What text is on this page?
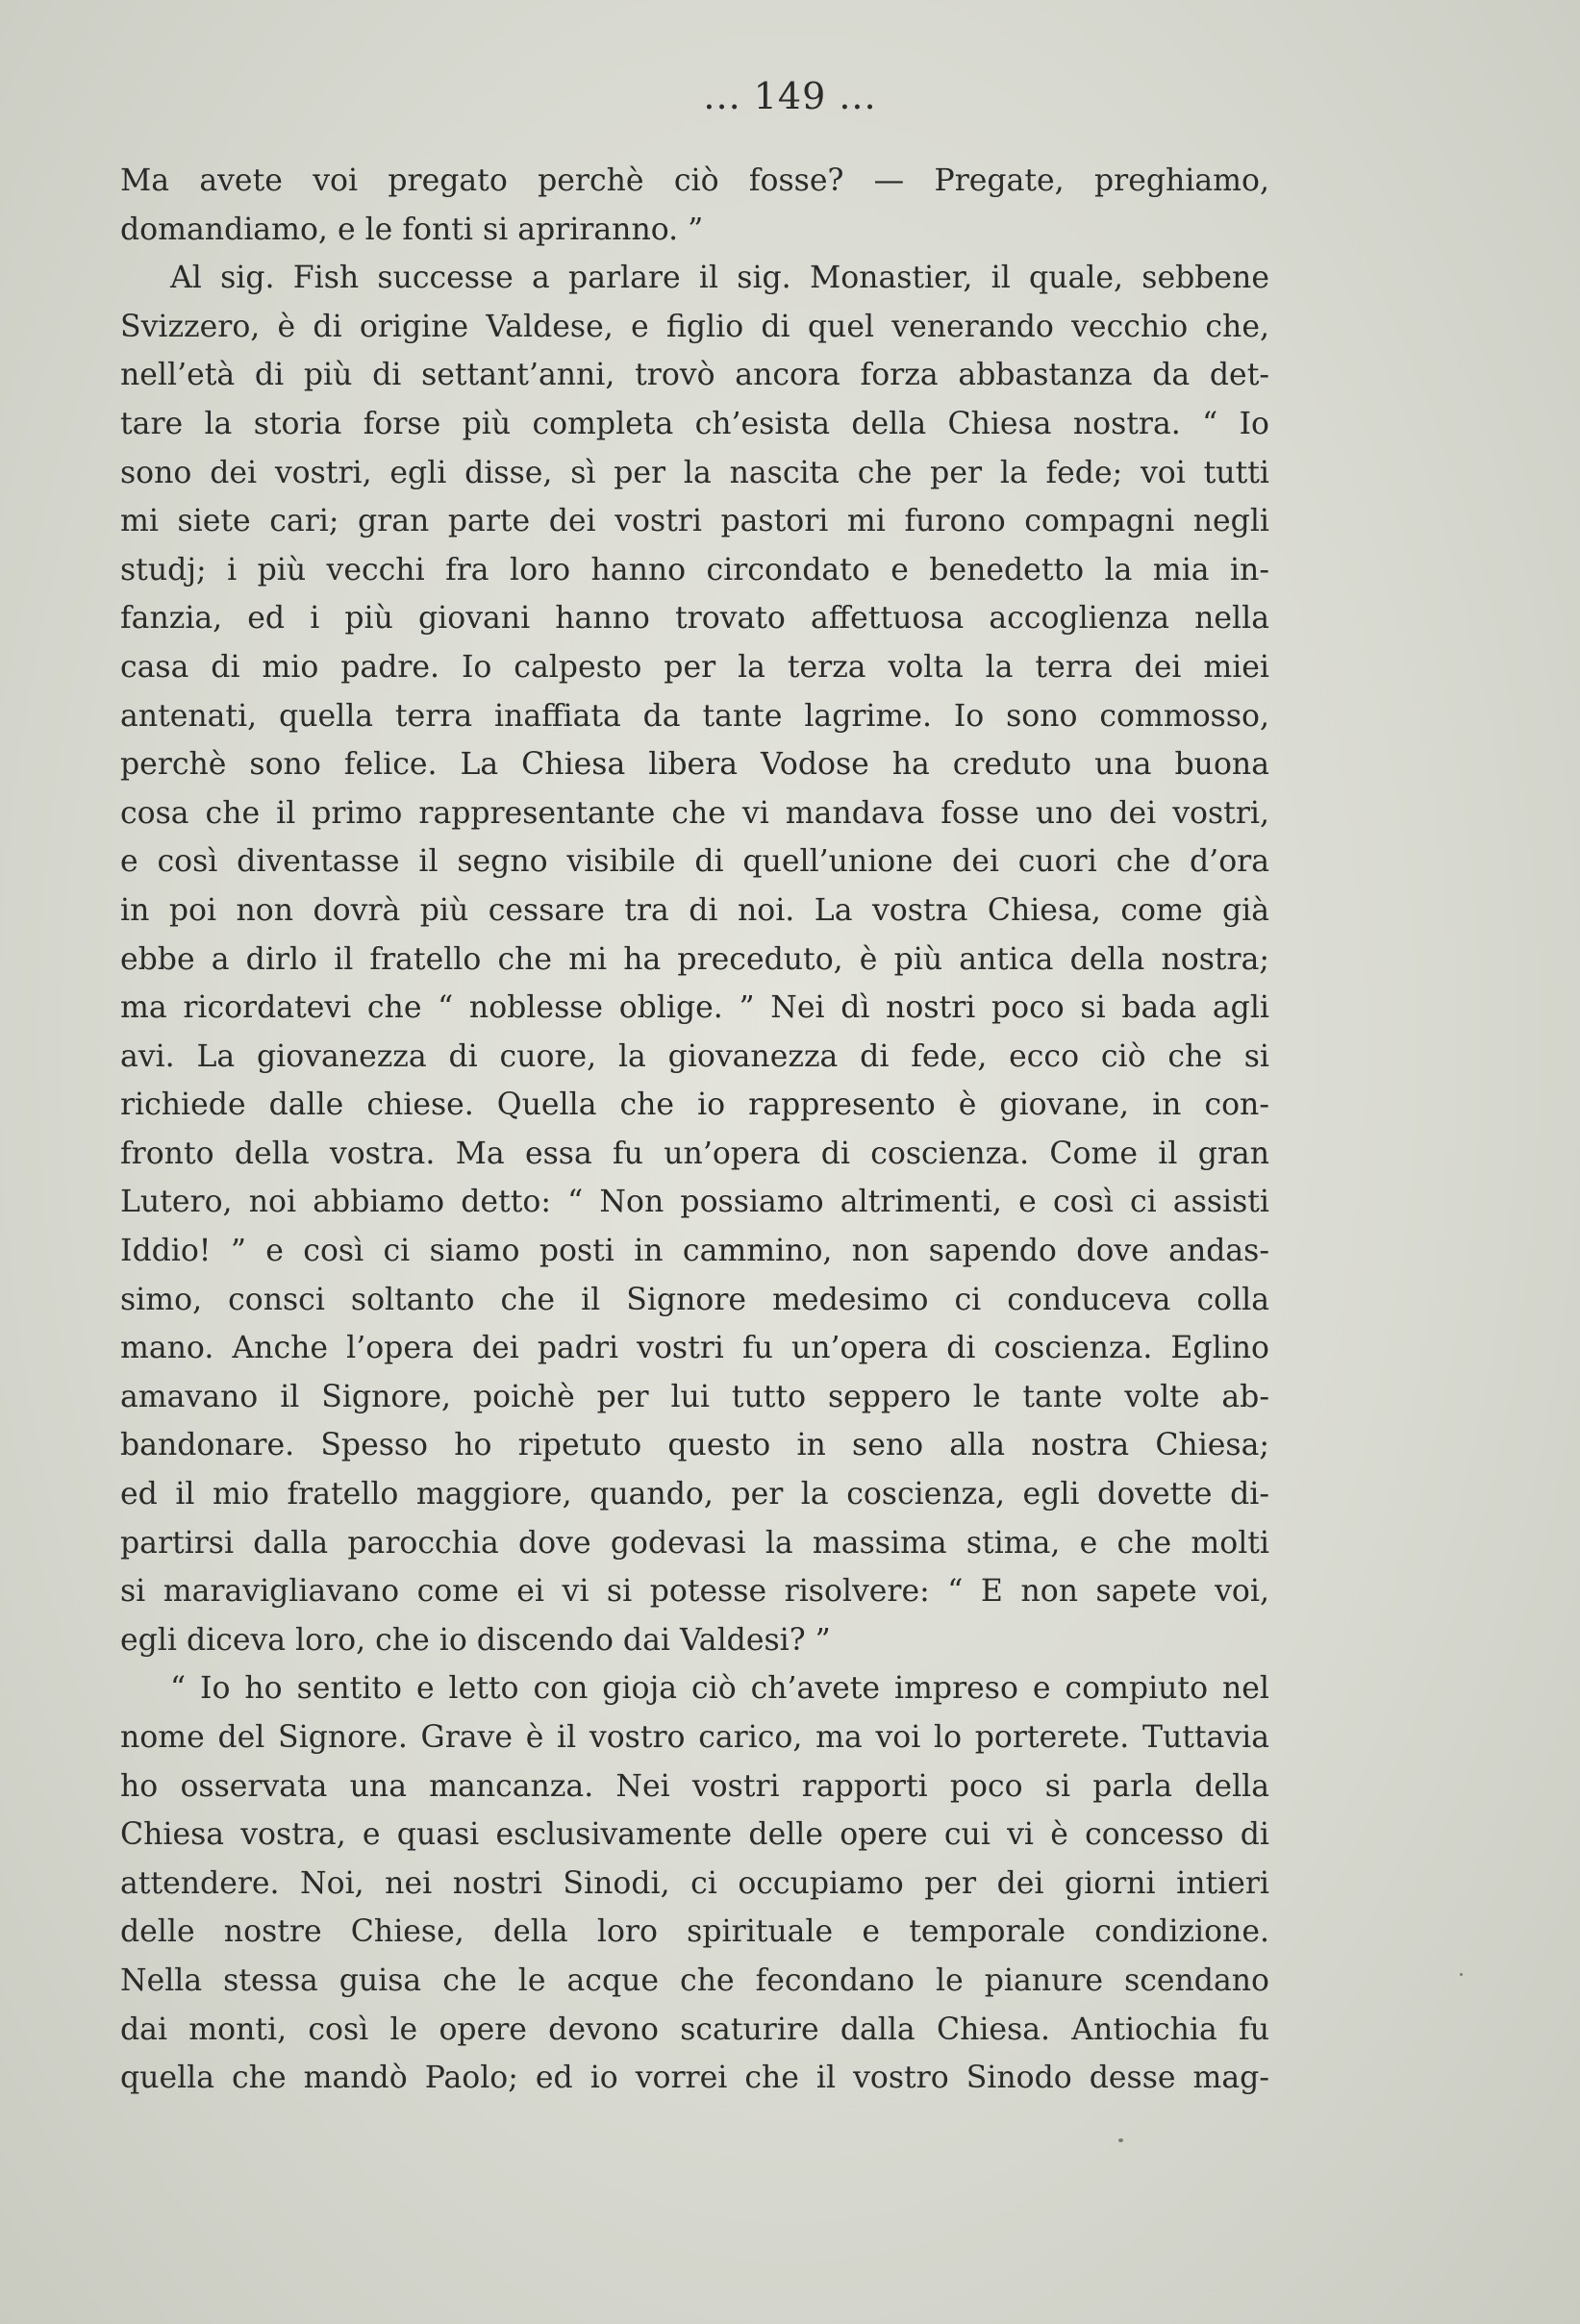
... 149 ...
Ma avete voi pregato perchè ciò fosse? — Pregate, preghiamo,
domandiamo, e le fonti si apriranno. ”
Al sig. Fish successe a parlare il sig. Monastier, il quale, sebbene
Svizzero, è di origine Valdese, e figlio di quel venerando vecchio che,
nell’età di più di settant’anni, trovò ancora forza abbastanza da det-
tare la storia forse più completa ch’esista della Chiesa nostra. “ Io
sono dei vostri, egli disse, sì per la nascita che per la fede; voi tutti
mi siete cari; gran parte dei vostri pastori mi furono compagni negli
studj; i più vecchi fra loro hanno circondato e benedetto la mia in-
fanzia, ed i più giovani hanno trovato affettuosa accoglienza nella
casa di mio padre. Io calpesto per la terza volta la terra dei miei
antenati, quella terra inaffiata da tante lagrime. Io sono commosso,
perchè sono felice. La Chiesa libera Vodose ha creduto una buona
cosa che il primo rappresentante che vi mandava fosse uno dei vostri,
e così diventasse il segno visibile di quell’unione dei cuori che d’ora
in poi non dovrà più cessare tra di noi. La vostra Chiesa, come già
ebbe a dirlo il fratello che mi ha preceduto, è più antica della nostra;
ma ricordatevi che “ noblesse oblige. ” Nei dì nostri poco si bada agli
avi. La giovanezza di cuore, la giovanezza di fede, ecco ciò che si
richiede dalle chiese. Quella che io rappresento è giovane, in con-
fronto della vostra. Ma essa fu un’opera di coscienza. Come il gran
Lutero, noi abbiamo detto: “ Non possiamo altrimenti, e così ci assisti
Iddio! ” e così ci siamo posti in cammino, non sapendo dove andas-
simo, consci soltanto che il Signore medesimo ci conduceva colla
mano. Anche l’opera dei padri vostri fu un’opera di coscienza. Eglino
amavano il Signore, poichè per lui tutto seppero le tante volte ab-
bandonare. Spesso ho ripetuto questo in seno alla nostra Chiesa;
ed il mio fratello maggiore, quando, per la coscienza, egli dovette di-
partirsi dalla parocchia dove godevasi la massima stima, e che molti
si maravigliavano come ei vi si potesse risolvere: “ E non sapete voi,
egli diceva loro, che io discendo dai Valdesi? ”
“ Io ho sentito e letto con gioja ciò ch’avete impreso e compiuto nel
nome del Signore. Grave è il vostro carico, ma voi lo porterete. Tuttavia
ho osservata una mancanza. Nei vostri rapporti poco si parla della
Chiesa vostra, e quasi esclusivamente delle opere cui vi è concesso di
attendere. Noi, nei nostri Sinodi, ci occupiamo per dei giorni intieri
delle nostre Chiese, della loro spirituale e temporale condizione.
Nella stessa guisa che le acque che fecondano le pianure scendano
dai monti, così le opere devono scaturire dalla Chiesa. Antiochia fu
quella che mandò Paolo; ed io vorrei che il vostro Sinodo desse mag-
